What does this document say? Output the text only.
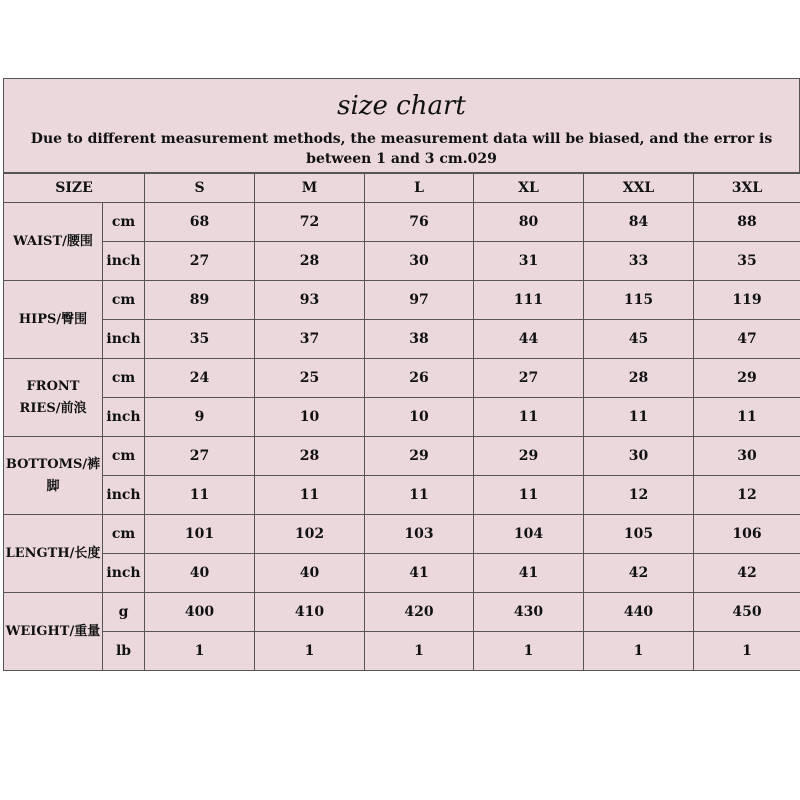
size chart
Due to different measurement methods, the measurement data will be biased, and the error is between 1 and 3 cm.029
SIZE		S	M	L	XL	XXL	3XL
WAIST/腰围	cm	68	72	76	80	84	88
	inch	27	28	30	31	33	35
HIPS/臀围	cm	89	93	97	111	115	119
	inch	35	37	38	44	45	47
FRONT RIES/前浪	cm	24	25	26	27	28	29
	inch	9	10	10	11	11	11
BOTTOMS/裤脚	cm	27	28	29	29	30	30
	inch	11	11	11	11	12	12
LENGTH/长度	cm	101	102	103	104	105	106
	inch	40	40	41	41	42	42
WEIGHT/重量	g	400	410	420	430	440	450
	lb	1	1	1	1	1	1
